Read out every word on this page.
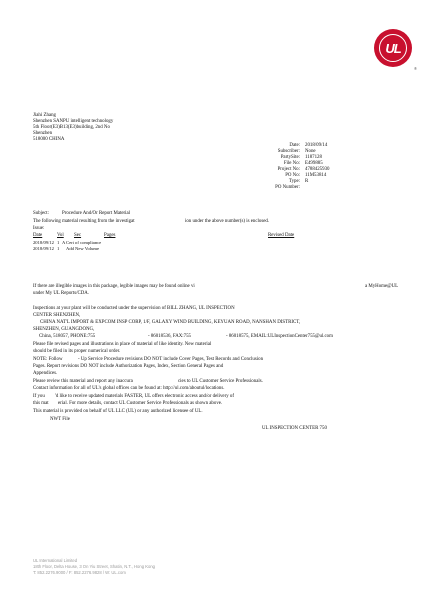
UL
®
Jiahi Zhang
Shenzhen SANPU intelligent technology
5th Floor(E3)B13(E3)building, 2nd No
Shenzhen
518000 CHINA
Date: 2018/09/14
Subscriber: None
PartySite: 1187128
File No: E499885
Project No: 4788425930
PO No: 11M53814
Type: R
PO Number:
Subject:	Procedure And/Or Report Material
The following material resulting from the investigat	ion under the above number(s) is enclosed.
Issue:
Date	Vol Sec	Pages	Revised Date
2018/09/12 1 A Cert of compliance
2018/09/12 1 Add New Volume
If there are illegible images in this package, legible images may be found online vi	a MyHome@UL
under My UL Reports/CDA.
Inspections at your plant will be conducted under the supervision of BILL ZHANG, UL INSPECTION
CENTER SHENZHEN,
CHINA NAT'L IMPORT & EXPCOM INSP CORP, 1/F, GALAXY WIND BUILDING, KEYUAN ROAD, NANSHAN DISTRICT,
SHENZHEN, GUANGDONG,
China, 518057, PHONE:755	- 86018536, FAX:755	- 86018575, EMAIL:ULInspectionCenter755@ul.com
Please file revised pages and illustrations in place of material of like identity. New material
should be filed in its proper numerical order.
NOTE: Follow	- Up Service Procedure revisions DO NOT include Cover Pages, Test Records and Conclusion
Pages. Report revisions DO NOT include Authorization Pages, Index, Section General Pages and
Appendices.
Please review this material and report any inaccura	cies to UL Customer Service Professionals.
Contact information for all of UL's global offices can be found at: http://ul.com/aboutul/locations.
If you 'd like to receive updated materials FASTER, UL offers electronic access and/or delivery of
this mat erial. For more details, contact UL Customer Service Professionals as shown above.
This material is provided on behalf of UL LLC (UL) or any authorized licensee of UL.
NWT File
UL INSPECTION CENTER 750
UL International Limited
18th Floor, Delta House, 3 On Yiu Street, Shatin, N.T., Hong Kong
T: 852.2276.9000 / F: 852.2276.9828 / W: UL.com
